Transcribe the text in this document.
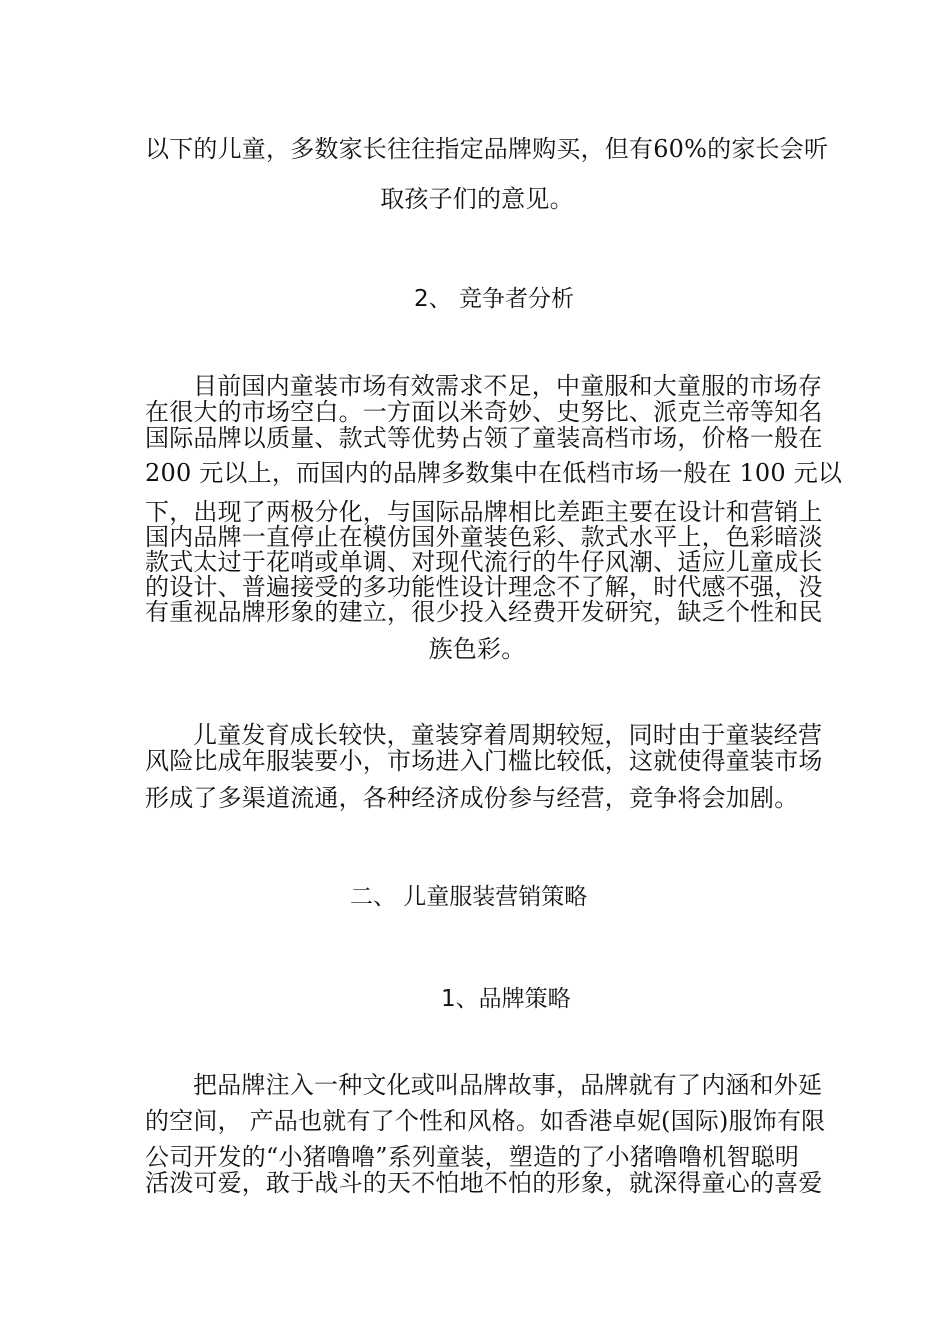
以下的儿童，多数家长往往指定品牌购买，但有60%的家长会听
取孩子们的意见。
2、 竞争者分析
目前国内童装市场有效需求不足，中童服和大童服的市场存
在很大的市场空白。一方面以米奇妙、史努比、派克兰帝等知名
国际品牌以质量、款式等优势占领了童装高档市场，价格一般在
200 元以上，而国内的品牌多数集中在低档市场一般在 100 元以
下，出现了两极分化，与国际品牌相比差距主要在设计和营销上
国内品牌一直停止在模仿国外童装色彩、款式水平上，色彩暗淡
款式太过于花哨或单调、对现代流行的牛仔风潮、适应儿童成长
的设计、普遍接受的多功能性设计理念不了解，时代感不强，没
有重视品牌形象的建立，很少投入经费开发研究，缺乏个性和民
族色彩。
儿童发育成长较快，童装穿着周期较短，同时由于童装经营
风险比成年服装要小，市场进入门槛比较低，这就使得童装市场
形成了多渠道流通，各种经济成份参与经营，竞争将会加剧。
二、 儿童服装营销策略
1、品牌策略
把品牌注入一种文化或叫品牌故事，品牌就有了内涵和外延
的空间， 产品也就有了个性和风格。如香港卓妮(国际)服饰有限
公司开发的“小猪噜噜”系列童装，塑造的了小猪噜噜机智聪明
活泼可爱，敢于战斗的天不怕地不怕的形象，就深得童心的喜爱
